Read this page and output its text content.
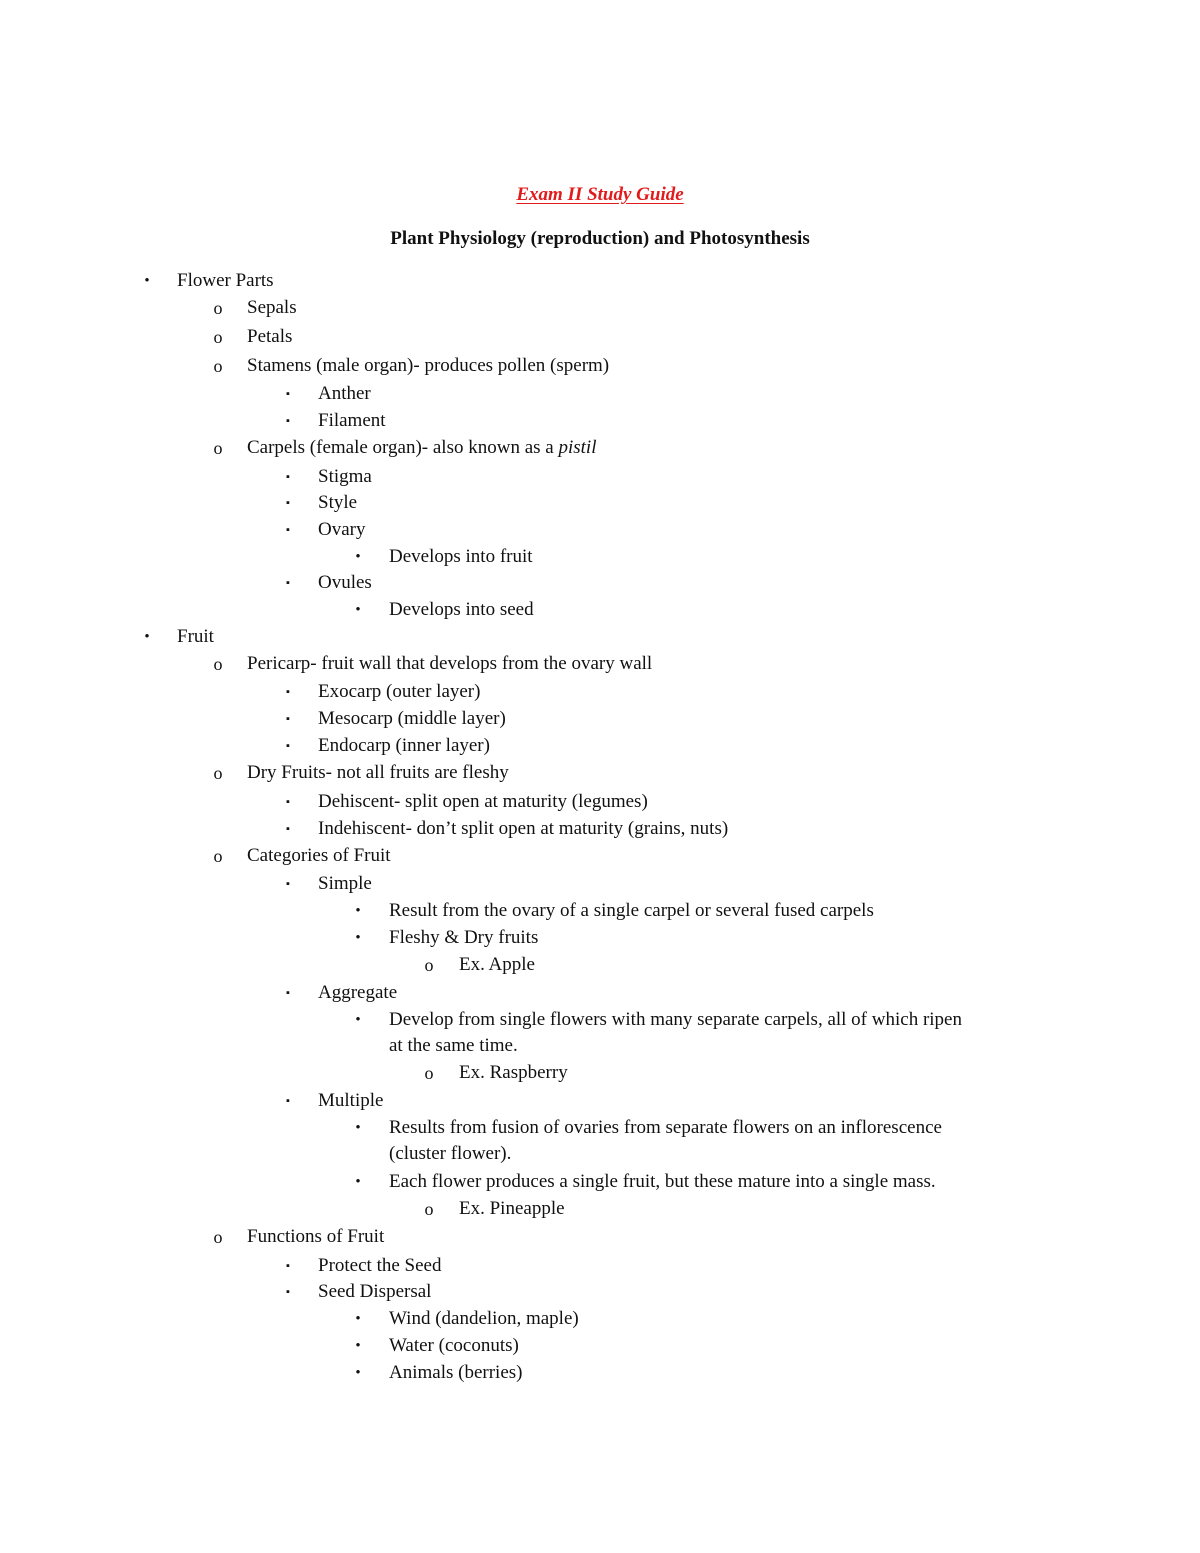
Exam II Study Guide
Plant Physiology (reproduction) and Photosynthesis
•	Flower Parts
o Sepals
o Petals
o Stamens (male organ)- produces pollen (sperm)
▪	Anther
▪	Filament
o Carpels (female organ)- also known as a pistil
▪	Stigma
▪	Style
▪	Ovary
•	Develops into fruit
▪	Ovules
•	Develops into seed
•	Fruit
o Pericarp- fruit wall that develops from the ovary wall
▪	Exocarp (outer layer)
▪	Mesocarp (middle layer)
▪	Endocarp (inner layer)
o Dry Fruits- not all fruits are fleshy
▪	Dehiscent- split open at maturity (legumes)
▪	Indehiscent- don’t split open at maturity (grains, nuts)
o Categories of Fruit
▪	Simple
•	Result from the ovary of a single carpel or several fused carpels
•	Fleshy & Dry fruits
o Ex. Apple
▪	Aggregate
•	Develop from single flowers with many separate carpels, all of which ripen
at the same time.
o Ex. Raspberry
▪	Multiple
•	Results from fusion of ovaries from separate flowers on an inflorescence
(cluster flower).
•	Each flower produces a single fruit, but these mature into a single mass.
o Ex. Pineapple
o Functions of Fruit
▪	Protect the Seed
▪	Seed Dispersal
•	Wind (dandelion, maple)
•	Water (coconuts)
•	Animals (berries)
